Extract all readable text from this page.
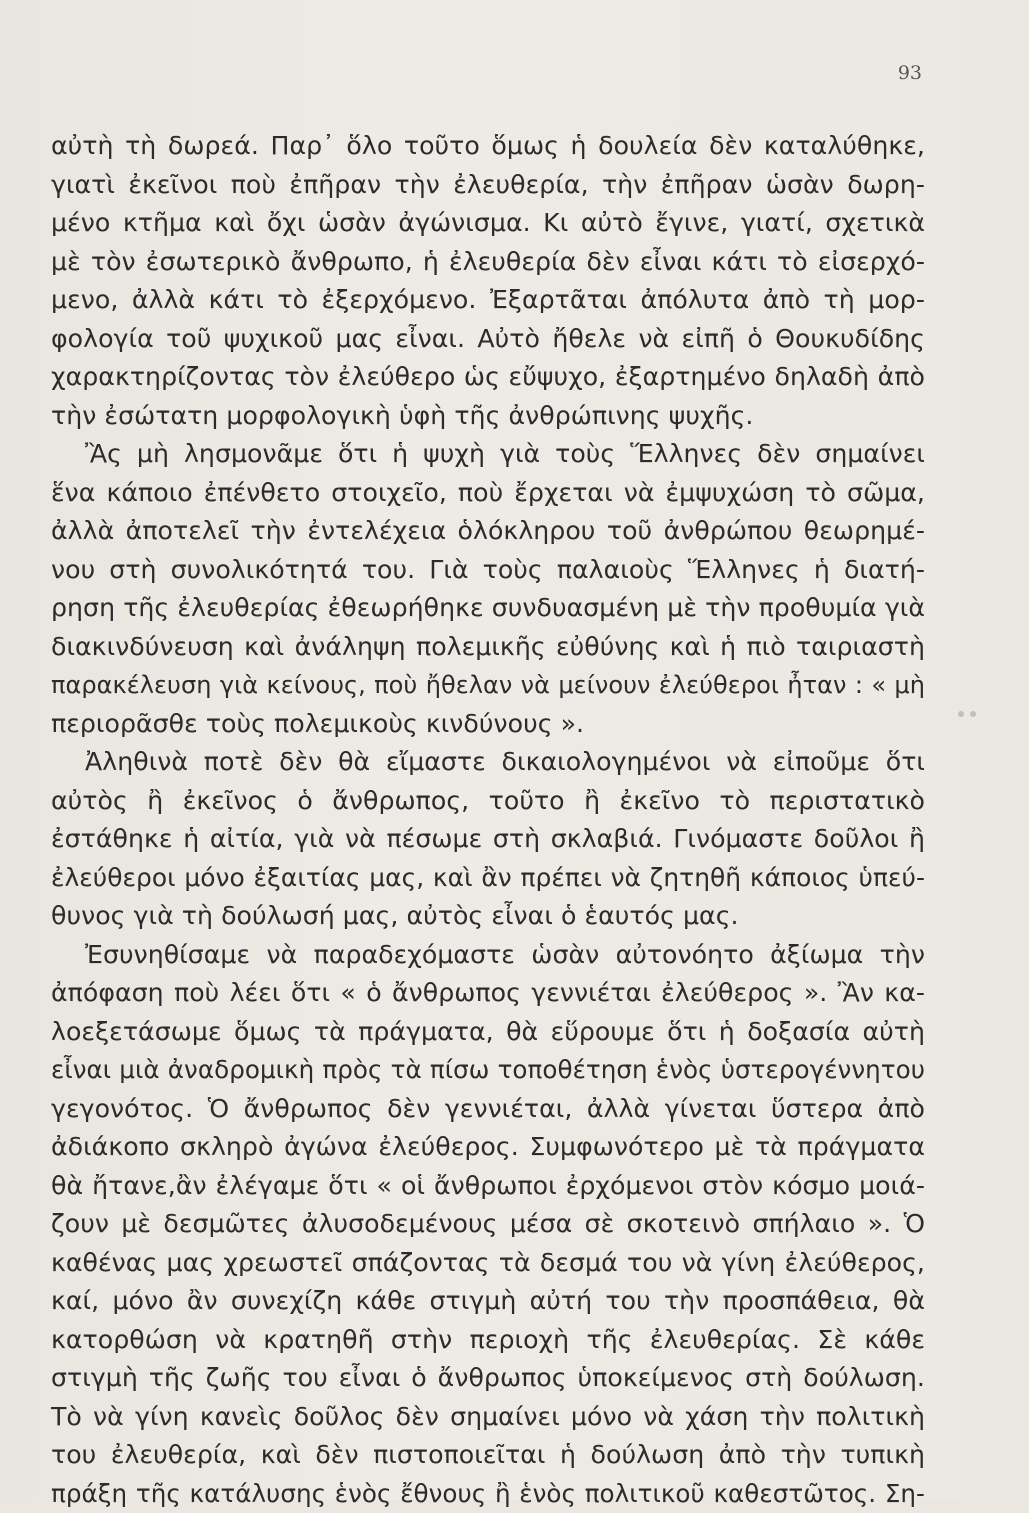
93
αὐτὴ τὴ δωρεά. Παρ᾽ ὅλο τοῦτο ὅμως ἡ δουλεία δὲν καταλύθηκε,
γιατὶ ἐκεῖνοι ποὺ ἐπῆραν τὴν ἐλευθερία, τὴν ἐπῆραν ὡσὰν δωρη-
μένο κτῆμα καὶ ὄχι ὡσὰν ἀγώνισμα. Κι αὐτὸ ἔγινε, γιατί, σχετικὰ
μὲ τὸν ἐσωτερικὸ ἄνθρωπο, ἡ ἐλευθερία δὲν εἶναι κάτι τὸ εἰσερχό-
μενο, ἀλλὰ κάτι τὸ ἐξερχόμενο. Ἐξαρτᾶται ἀπόλυτα ἀπὸ τὴ μορ-
φολογία τοῦ ψυχικοῦ μας εἶναι. Αὐτὸ ἤθελε νὰ εἰπῆ ὁ Θουκυδίδης
χαρακτηρίζοντας τὸν ἐλεύθερο ὡς εὔψυχο, ἐξαρτημένο δηλαδὴ ἀπὸ
τὴν ἐσώτατη μορφολογικὴ ὑφὴ τῆς ἀνθρώπινης ψυχῆς.
Ἂς μὴ λησμονᾶμε ὅτι ἡ ψυχὴ γιὰ τοὺς Ἕλληνες δὲν σημαίνει
ἕνα κάποιο ἐπένθετο στοιχεῖο, ποὺ ἔρχεται νὰ ἐμψυχώση τὸ σῶμα,
ἀλλὰ ἀποτελεῖ τὴν ἐντελέχεια ὁλόκληρου τοῦ ἀνθρώπου θεωρημέ-
νου στὴ συνολικότητά του. Γιὰ τοὺς παλαιοὺς Ἕλληνες ἡ διατή-
ρηση τῆς ἐλευθερίας ἐθεωρήθηκε συνδυασμένη μὲ τὴν προθυμία γιὰ
διακινδύνευση καὶ ἀνάληψη πολεμικῆς εὐθύνης καὶ ἡ πιὸ ταιριαστὴ
παρακέλευση γιὰ κείνους, ποὺ ἤθελαν νὰ μείνουν ἐλεύθεροι ἦταν : « μὴ
περιορᾶσθε τοὺς πολεμικοὺς κινδύνους ».
Ἀληθινὰ ποτὲ δὲν θὰ εἴμαστε δικαιολογημένοι νὰ εἰποῦμε ὅτι
αὐτὸς ἢ ἐκεῖνος ὁ ἄνθρωπος, τοῦτο ἢ ἐκεῖνο τὸ περιστατικὸ
ἐστάθηκε ἡ αἰτία, γιὰ νὰ πέσωμε στὴ σκλαβιά. Γινόμαστε δοῦλοι ἢ
ἐλεύθεροι μόνο ἐξαιτίας μας, καὶ ἂν πρέπει νὰ ζητηθῆ κάποιος ὑπεύ-
θυνος γιὰ τὴ δούλωσή μας, αὐτὸς εἶναι ὁ ἑαυτός μας.
Ἐσυνηθίσαμε νὰ παραδεχόμαστε ὡσὰν αὐτονόητο ἀξίωμα τὴν
ἀπόφαση ποὺ λέει ὅτι « ὁ ἄνθρωπος γεννιέται ἐλεύθερος ». Ἂν κα-
λοεξετάσωμε ὅμως τὰ πράγματα, θὰ εὕρουμε ὅτι ἡ δοξασία αὐτὴ
εἶναι μιὰ ἀναδρομικὴ πρὸς τὰ πίσω τοποθέτηση ἑνὸς ὑστερογέννητου
γεγονότος. Ὁ ἄνθρωπος δὲν γεννιέται, ἀλλὰ γίνεται ὕστερα ἀπὸ
ἀδιάκοπο σκληρὸ ἀγώνα ἐλεύθερος. Συμφωνότερο μὲ τὰ πράγματα
θὰ ἤτανε,ἂν ἐλέγαμε ὅτι « οἱ ἄνθρωποι ἐρχόμενοι στὸν κόσμο μοιά-
ζουν μὲ δεσμῶτες ἀλυσοδεμένους μέσα σὲ σκοτεινὸ σπήλαιο ». Ὁ
καθένας μας χρεωστεῖ σπάζοντας τὰ δεσμά του νὰ γίνη ἐλεύθερος,
καί, μόνο ἂν συνεχίζη κάθε στιγμὴ αὐτή του τὴν προσπάθεια, θὰ
κατορθώση νὰ κρατηθῆ στὴν περιοχὴ τῆς ἐλευθερίας. Σὲ κάθε
στιγμὴ τῆς ζωῆς του εἶναι ὁ ἄνθρωπος ὑποκείμενος στὴ δούλωση.
Τὸ νὰ γίνη κανεὶς δοῦλος δὲν σημαίνει μόνο νὰ χάση τὴν πολιτικὴ
του ἐλευθερία, καὶ δὲν πιστοποιεῖται ἡ δούλωση ἀπὸ τὴν τυπικὴ
πράξη τῆς κατάλυσης ἑνὸς ἔθνους ἢ ἑνὸς πολιτικοῦ καθεστῶτος. Ση-
